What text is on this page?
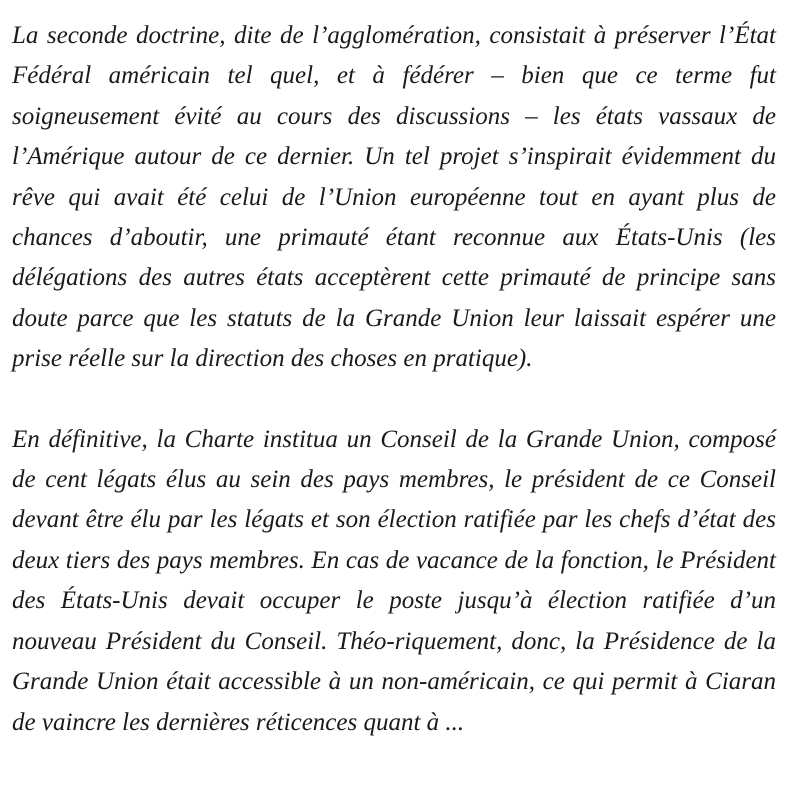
La seconde doctrine, dite de l’agglomération, consistait à préserver l’État Fédéral américain tel quel, et à fédérer – bien que ce terme fut soigneusement évité au cours des discussions – les états vassaux de l’Amérique autour de ce dernier. Un tel projet s’inspirait évidemment du rêve qui avait été celui de l’Union européenne tout en ayant plus de chances d’aboutir, une primauté étant reconnue aux États-Unis (les délégations des autres états acceptèrent cette primauté de principe sans doute parce que les statuts de la Grande Union leur laissait espérer une prise réelle sur la direction des choses en pratique).

En définitive, la Charte institua un Conseil de la Grande Union, composé de cent légats élus au sein des pays membres, le président de ce Conseil devant être élu par les légats et son élection ratifiée par les chefs d’état des deux tiers des pays membres. En cas de vacance de la fonction, le Président des États-Unis devait occuper le poste jusqu’à élection ratifiée d’un nouveau Président du Conseil. Théo-riquement, donc, la Présidence de la Grande Union était accessible à un non-américain, ce qui permit à Ciaran de vaincre les dernières réticences quant à ...
